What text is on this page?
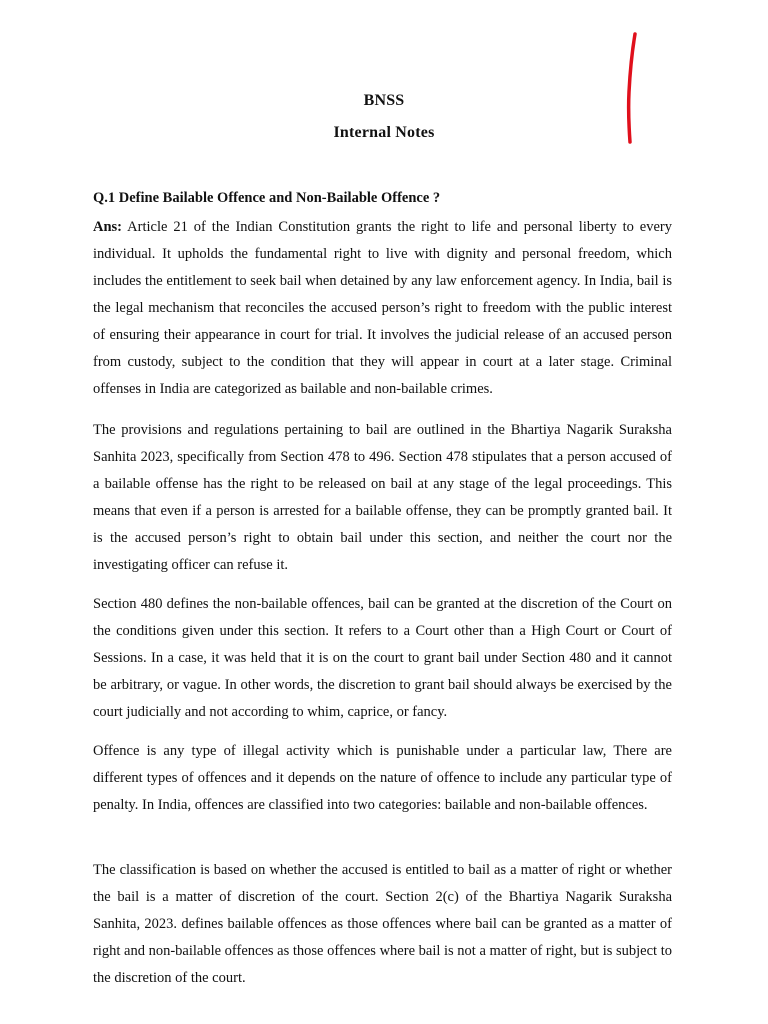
BNSS
Internal Notes
Q.1 Define Bailable Offence and Non-Bailable Offence ?

Ans: Article 21 of the Indian Constitution grants the right to life and personal liberty to every individual. It upholds the fundamental right to live with dignity and personal freedom, which includes the entitlement to seek bail when detained by any law enforcement agency. In India, bail is the legal mechanism that reconciles the accused person’s right to freedom with the public interest of ensuring their appearance in court for trial. It involves the judicial release of an accused person from custody, subject to the condition that they will appear in court at a later stage. Criminal offenses in India are categorized as bailable and non-bailable crimes.

The provisions and regulations pertaining to bail are outlined in the Bhartiya Nagarik Suraksha Sanhita 2023, specifically from Section 478 to 496. Section 478 stipulates that a person accused of a bailable offense has the right to be released on bail at any stage of the legal proceedings. This means that even if a person is arrested for a bailable offense, they can be promptly granted bail. It is the accused person’s right to obtain bail under this section, and neither the court nor the investigating officer can refuse it.

Section 480 defines the non-bailable offences, bail can be granted at the discretion of the Court on the conditions given under this section. It refers to a Court other than a High Court or Court of Sessions. In a case, it was held that it is on the court to grant bail under Section 480 and it cannot be arbitrary, or vague. In other words, the discretion to grant bail should always be exercised by the court judicially and not according to whim, caprice, or fancy.

Offence is any type of illegal activity which is punishable under a particular law, There are different types of offences and it depends on the nature of offence to include any particular type of penalty. In India, offences are classified into two categories: bailable and non-bailable offences.

The classification is based on whether the accused is entitled to bail as a matter of right or whether the bail is a matter of discretion of the court. Section 2(c) of the Bhartiya Nagarik Suraksha Sanhita, 2023. defines bailable offences as those offences where bail can be granted as a matter of right and non-bailable offences as those offences where bail is not a matter of right, but is subject to the discretion of the court.
